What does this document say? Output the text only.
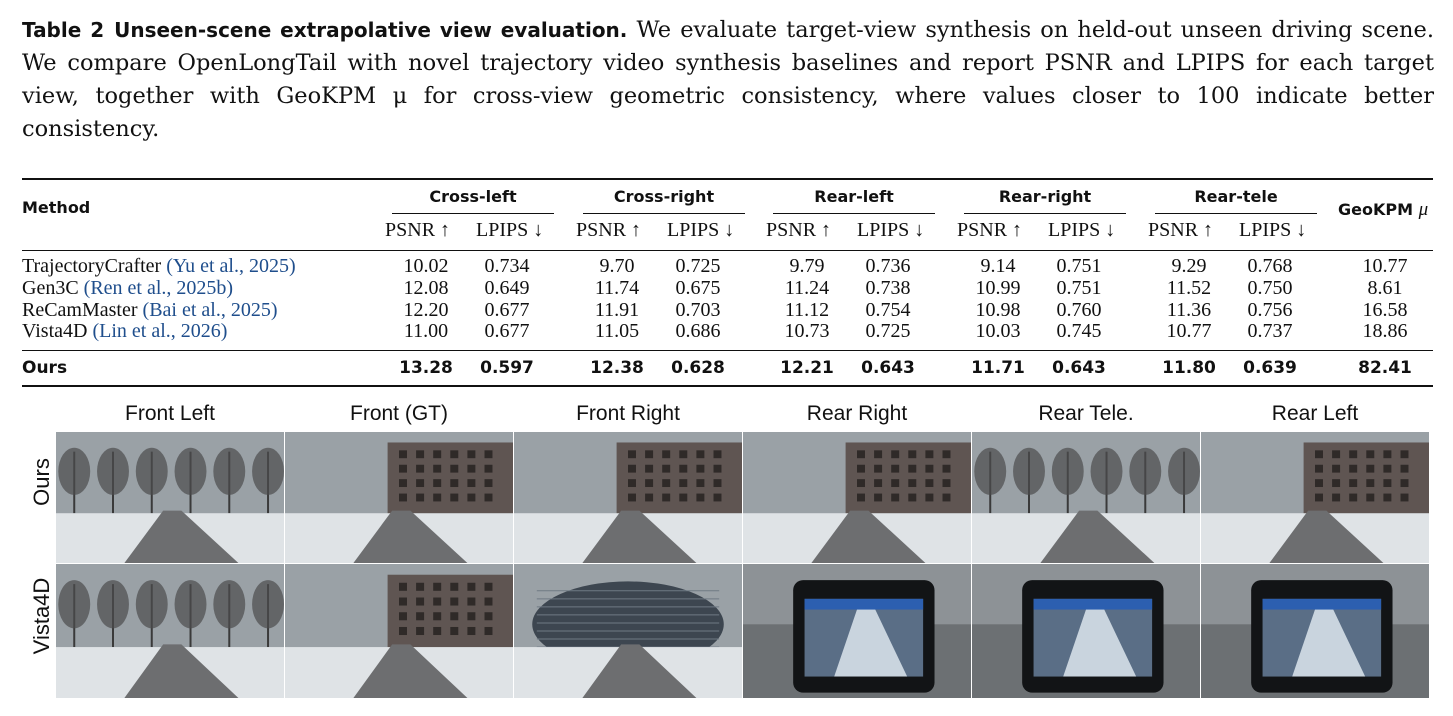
Table 2 Unseen-scene extrapolative view evaluation. We evaluate target-view synthesis on held-out unseen driving scene. We compare OpenLongTail with novel trajectory video synthesis baselines and report PSNR and LPIPS for each target view, together with GeoKPM μ for cross-view geometric consistency, where values closer to 100 indicate better consistency.
Method
Cross-left
PSNR ↑ LPIPS ↓
Cross-right
PSNR ↑ LPIPS ↓
Rear-left
PSNR ↑ LPIPS ↓
Rear-right
PSNR ↑ LPIPS ↓
Rear-tele
PSNR ↑ LPIPS ↓
GeoKPM μ
TrajectoryCrafter (Yu et al., 2025)	10.02	0.734	9.70	0.725	9.79	0.736	9.14	0.751	9.29	0.768	10.77
Gen3C (Ren et al., 2025b)	12.08	0.649	11.74	0.675	11.24	0.738	10.99	0.751	11.52	0.750	8.61
ReCamMaster (Bai et al., 2025)	12.20	0.677	11.91	0.703	11.12	0.754	10.98	0.760	11.36	0.756	16.58
Vista4D (Lin et al., 2026)	11.00	0.677	11.05	0.686	10.73	0.725	10.03	0.745	10.77	0.737	18.86
Ours	13.28	0.597	12.38	0.628	12.21	0.643	11.71	0.643	11.80	0.639	82.41
Front Left	Front (GT)	Front Right	Rear Right	Rear Tele.	Rear Left
Ours
Vista4D
